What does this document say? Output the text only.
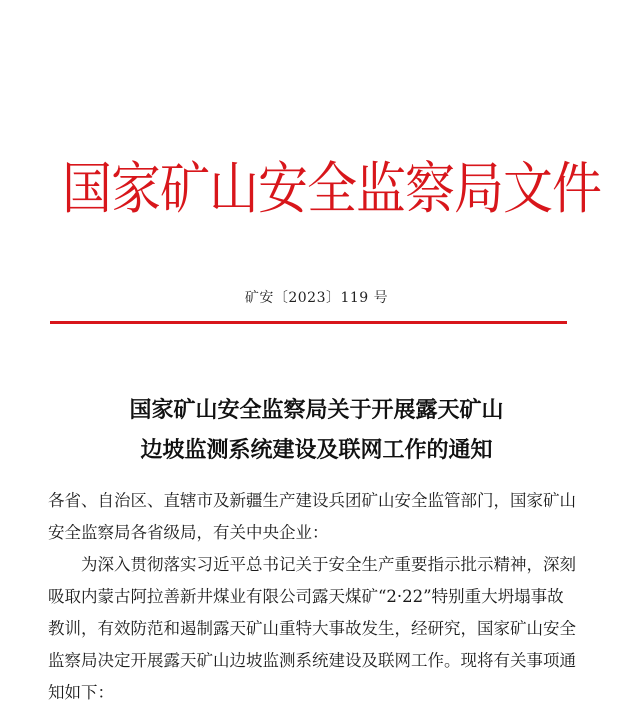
国家矿山安全监察局文件
矿安〔2023〕119 号
国家矿山安全监察局关于开展露天矿山
边坡监测系统建设及联网工作的通知

各省、自治区、直辖市及新疆生产建设兵团矿山安全监管部门，国家矿山安全监察局各省级局，有关中央企业：

为深入贯彻落实习近平总书记关于安全生产重要指示批示精神，深刻吸取内蒙古阿拉善新井煤业有限公司露天煤矿“2·22”特别重大坍塌事故教训，有效防范和遏制露天矿山重特大事故发生，经研究，国家矿山安全监察局决定开展露天矿山边坡监测系统建设及联网工作。现将有关事项通知如下：
